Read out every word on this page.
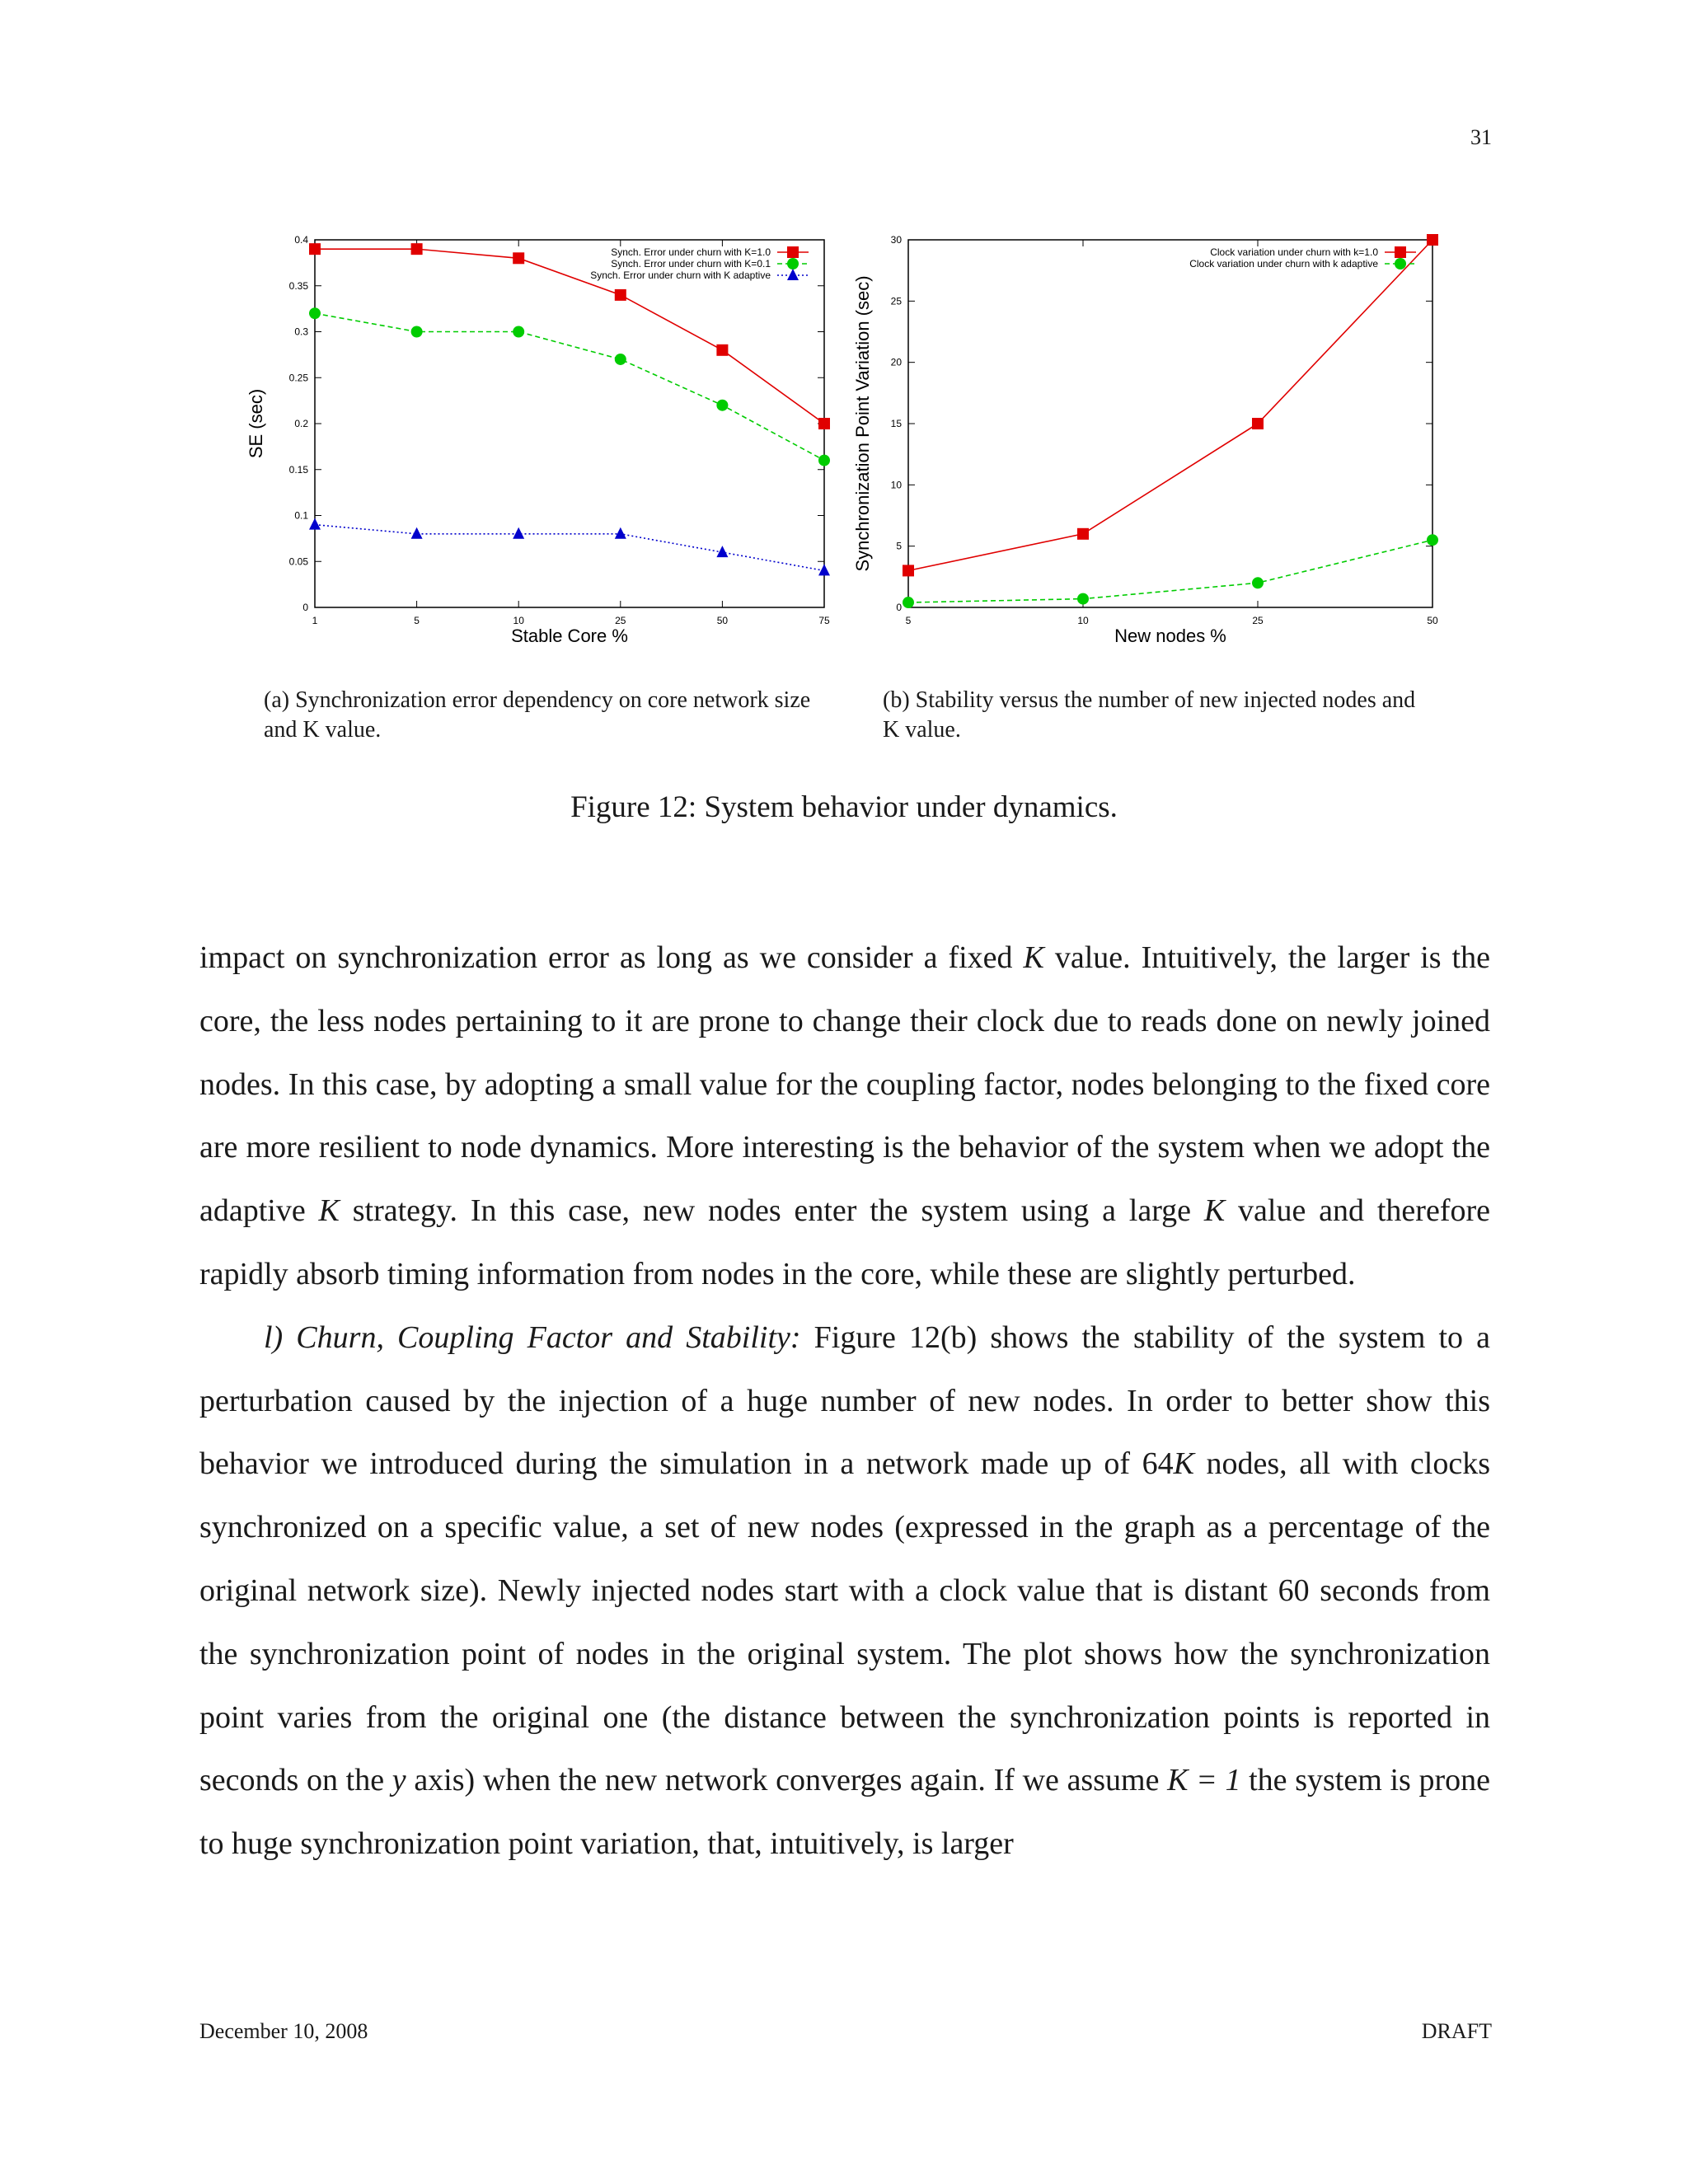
31
0
0.05
0.1
0.15
0.2
0.25
0.3
0.35
0.4
1	5	10	25	50	75
Stable Core %
SE (sec)
Synch. Error under churn with K=1.0
Synch. Error under churn with K=0.1
Synch. Error under churn with K adaptive
0
5
10
15
20
25
30
5	10	25	50
New nodes %
Synchronization Point Variation (sec)
Clock variation under churn with k=1.0
Clock variation under churn with k adaptive
(a) Synchronization error dependency on core network size and K value.
(b) Stability versus the number of new injected nodes and K value.
Figure 12: System behavior under dynamics.

impact on synchronization error as long as we consider a fixed K value. Intuitively, the larger is the core, the less nodes pertaining to it are prone to change their clock due to reads done on newly joined nodes. In this case, by adopting a small value for the coupling factor, nodes belonging to the fixed core are more resilient to node dynamics. More interesting is the behavior of the system when we adopt the adaptive K strategy. In this case, new nodes enter the system using a large K value and therefore rapidly absorb timing information from nodes in the core, while these are slightly perturbed.

l) Churn, Coupling Factor and Stability: Figure 12(b) shows the stability of the system to a perturbation caused by the injection of a huge number of new nodes. In order to better show this behavior we introduced during the simulation in a network made up of 64K nodes, all with clocks synchronized on a specific value, a set of new nodes (expressed in the graph as a percentage of the original network size). Newly injected nodes start with a clock value that is distant 60 seconds from the synchronization point of nodes in the original system. The plot shows how the synchronization point varies from the original one (the distance between the synchronization points is reported in seconds on the y axis) when the new network converges again. If we assume K = 1 the system is prone to huge synchronization point variation, that, intuitively, is larger

December 10, 2008	DRAFT
